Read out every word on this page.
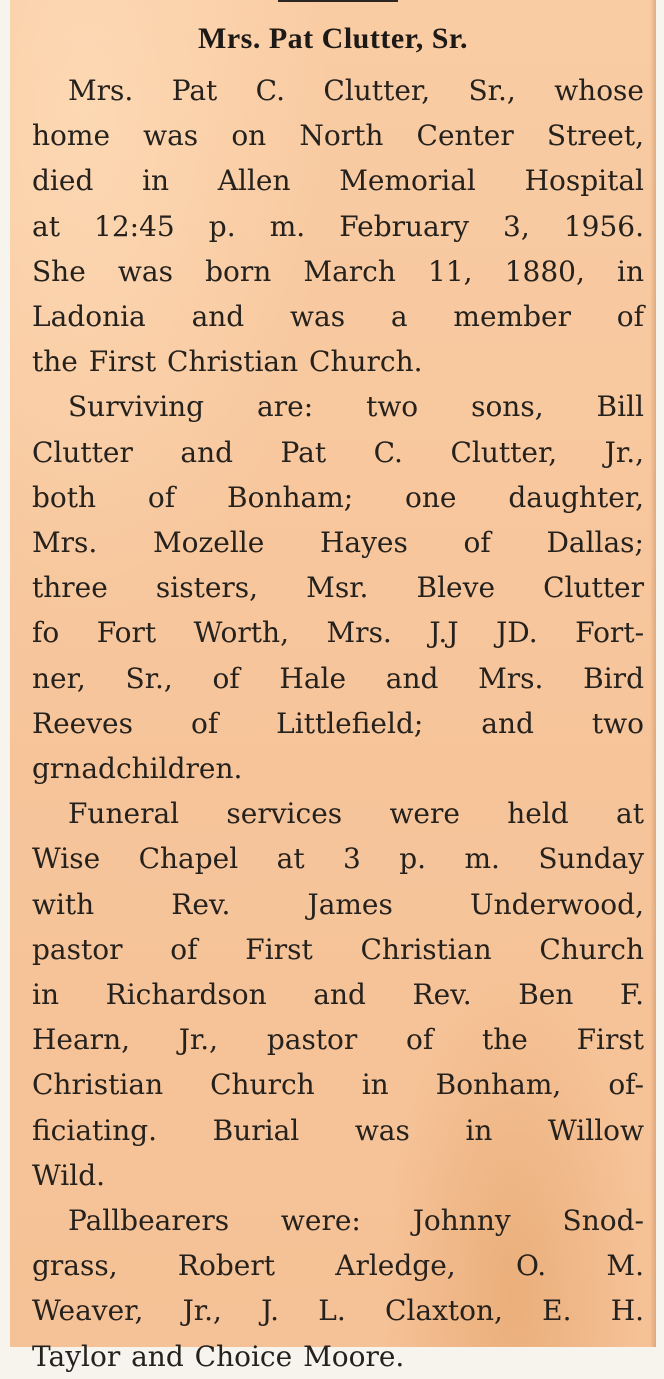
Mrs. Pat Clutter, Sr.
Mrs. Pat C. Clutter, Sr., whose
home was on North Center Street,
died in Allen Memorial Hospital
at 12:45 p. m. February 3, 1956.
She was born March 11, 1880, in
Ladonia and was a member of
the First Christian Church.
Surviving are: two sons, Bill
Clutter and Pat C. Clutter, Jr.,
both of Bonham; one daughter,
Mrs. Mozelle Hayes of Dallas;
three sisters, Msr. Bleve Clutter
fo Fort Worth, Mrs. J.J JD. Fort-
ner, Sr., of Hale and Mrs. Bird
Reeves of Littlefield; and two
grnadchildren.
Funeral services were held at
Wise Chapel at 3 p. m. Sunday
with Rev. James Underwood,
pastor of First Christian Church
in Richardson and Rev. Ben F.
Hearn, Jr., pastor of the First
Christian Church in Bonham, of-
ficiating. Burial was in Willow
Wild.
Pallbearers were: Johnny Snod-
grass, Robert Arledge, O. M.
Weaver, Jr., J. L. Claxton, E. H.
Taylor and Choice Moore.
